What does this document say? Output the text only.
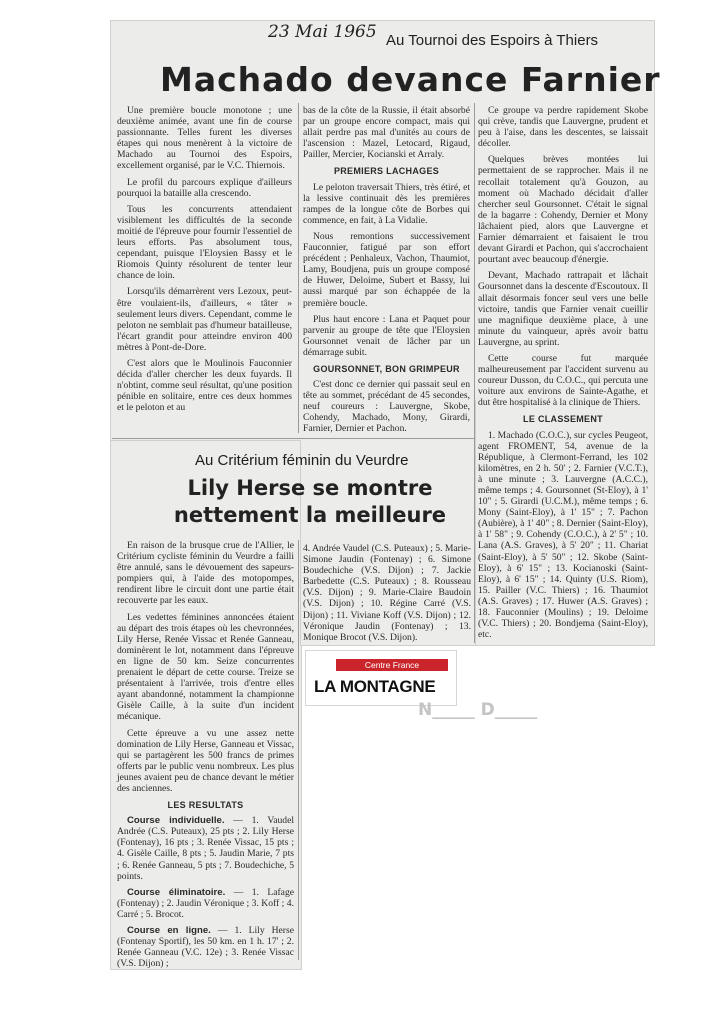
23 Mai 1965 Au Tournoi des Espoirs à Thiers
Machado devance Farnier

Une première boucle monotone ; une deuxième animée, avant une fin de course passionnante. Telles furent les diverses étapes qui nous menèrent à la victoire de Machado au Tournoi des Espoirs, excellement organisé, par le V.C. Thiernois.

Le profil du parcours explique d'ailleurs pourquoi la bataille alla crescendo.

Tous les concurrents attendaient visiblement les difficultés de la seconde moitié de l'épreuve pour fournir l'essentiel de leurs efforts. Pas absolument tous, cependant, puisque l'Eloysien Bassy et le Riomois Quinty résolurent de tenter leur chance de loin.

Lorsqu'ils démarrèrent vers Lezoux, peut-être voulaient-ils, d'ailleurs, « tâter » seulement leurs divers. Cependant, comme le peloton ne semblait pas d'humeur batailleuse, l'écart grandit pour atteindre environ 400 mètres à Pont-de-Dore.

C'est alors que le Moulinois Fauconnier décida d'aller chercher les deux fuyards. Il n'obtint, comme seul résultat, qu'une position pénible en solitaire, entre ces deux hommes et le peloton et au

bas de la côte de la Russie, il était absorbé par un groupe encore compact, mais qui allait perdre pas mal d'unités au cours de l'ascension : Mazel, Letocard, Rigaud, Pailler, Mercier, Kocianski et Arraly.

PREMIERS LACHAGES

Le peloton traversait Thiers, très étiré, et la lessive continuait dès les premières rampes de la longue côte de Borbes qui commence, en fait, à La Vidalie.

Nous remontions successivement Fauconnier, fatigué par son effort précédent ; Penhaleux, Vachon, Thaumiot, Lamy, Boudjena, puis un groupe composé de Huwer, Deloime, Subert et Bassy, lui aussi marqué par son échappée de la première boucle.

Plus haut encore : Lana et Paquet pour parvenir au groupe de tête que l'Eloysien Goursonnet venait de lâcher par un démarrage subit.

GOURSONNET, BON GRIMPEUR

C'est donc ce dernier qui passait seul en tête au sommet, précédant de 45 secondes, neuf coureurs : Lauvergne, Skobe, Cohendy, Machado, Mony, Girardi, Farnier, Dernier et Pachon.

Ce groupe va perdre rapidement Skobe qui crève, tandis que Lauvergne, prudent et peu à l'aise, dans les descentes, se laissait décoller.

Quelques brèves montées lui permettaient de se rapprocher. Mais il ne recollait totalement qu'à Gouzon, au moment où Machado décidait d'aller chercher seul Goursonnet. C'était le signal de la bagarre : Cohendy, Dernier et Mony lâchaient pied, alors que Lauvergne et Farnier démarraient et faisaient le trou devant Girardi et Pachon, qui s'accrochaient pourtant avec beaucoup d'énergie.

Devant, Machado rattrapait et lâchait Goursonnet dans la descente d'Escoutoux. Il allait désormais foncer seul vers une belle victoire, tandis que Farnier venait cueillir une magnifique deuxième place, à une minute du vainqueur, après avoir battu Lauvergne, au sprint.

Cette course fut marquée malheureusement par l'accident survenu au coureur Dusson, du C.O.C., qui percuta une voiture aux environs de Sainte-Agathe, et dut être hospitalisé à la clinique de Thiers.

LE CLASSEMENT

1. Machado (C.O.C.), sur cycles Peugeot, agent FROMENT, 54, avenue de la République, à Clermont-Ferrand, les 102 kilomètres, en 2 h. 50' ; 2. Farnier (V.C.T.), à une minute ; 3. Lauvergne (A.C.C.), même temps ; 4. Goursonnet (St-Eloy), à 1' 10" ; 5. Girardi (U.C.M.), même temps ; 6. Mony (Saint-Eloy), à 1' 15" ; 7. Pachon (Aubière), à 1' 40" ; 8. Dernier (Saint-Eloy), à 1' 58" ; 9. Cohendy (C.O.C.), à 2' 5" ; 10. Lana (A.S. Graves), à 5' 20" ; 11. Chariat (Saint-Eloy), à 5' 50" ; 12. Skobe (Saint-Eloy), à 6' 15" ; 13. Kocianoski (Saint-Eloy), à 6' 15" ; 14. Quinty (U.S. Riom), 15. Pailler (V.C. Thiers) ; 16. Thaumiot (A.S. Graves) ; 17. Huwer (A.S. Graves) ; 18. Fauconnier (Moulins) ; 19. Deloime (V.C. Thiers) ; 20. Bondjema (Saint-Eloy), etc.

Au Critérium féminin du Veurdre
Lily Herse se montre
nettement la meilleure

En raison de la brusque crue de l'Allier, le Critérium cycliste féminin du Veurdre a failli être annulé, sans le dévouement des sapeurs-pompiers qui, à l'aide des motopompes, rendirent libre le circuit dont une partie était recouverte par les eaux.

Les vedettes féminines annoncées étaient au départ des trois étapes où les chevronnées, Lily Herse, Renée Vissac et Renée Ganneau, dominèrent le lot, notamment dans l'épreuve en ligne de 50 km. Seize concurrentes prenaient le départ de cette course. Treize se présentaient à l'arrivée, trois d'entre elles ayant abandonné, notamment la championne Gisèle Caille, à la suite d'un incident mécanique.

Cette épreuve a vu une assez nette domination de Lily Herse, Ganneau et Vissac, qui se partagèrent les 500 francs de primes offerts par le public venu nombreux. Les plus jeunes avaient peu de chance devant le métier des anciennes.

LES RESULTATS

Course individuelle. — 1. Vaudel Andrée (C.S. Puteaux), 25 pts ; 2. Lily Herse (Fontenay), 16 pts ; 3. Renée Vissac, 15 pts ; 4. Gisèle Caille, 8 pts ; 5. Jaudin Marie, 7 pts ; 6. Renée Ganneau, 5 pts ; 7. Boudechiche, 5 points.

Course éliminatoire. — 1. Lafage (Fontenay) ; 2. Jaudin Véronique ; 3. Koff ; 4. Carré ; 5. Brocot.

Course en ligne. — 1. Lily Herse (Fontenay Sportif), les 50 km. en 1 h. 17' ; 2. Renée Ganneau (V.C. 12e) ; 3. Renée Vissac (V.S. Dijon) ;

4. Andrée Vaudel (C.S. Puteaux) ; 5. Marie-Simone Jaudin (Fontenay) ; 6. Simone Boudechiche (V.S. Dijon) ; 7. Jackie Barbedette (C.S. Puteaux) ; 8. Rousseau (V.S. Dijon) ; 9. Marie-Claire Baudoin (V.S. Dijon) ; 10. Régine Carré (V.S. Dijon) ; 11. Viviane Koff (V.S. Dijon) ; 12. Véronique Jaudin (Fontenay) ; 13. Monique Brocot (V.S. Dijon).

Centre France
LA MONTAGNE
N_____ D_____
